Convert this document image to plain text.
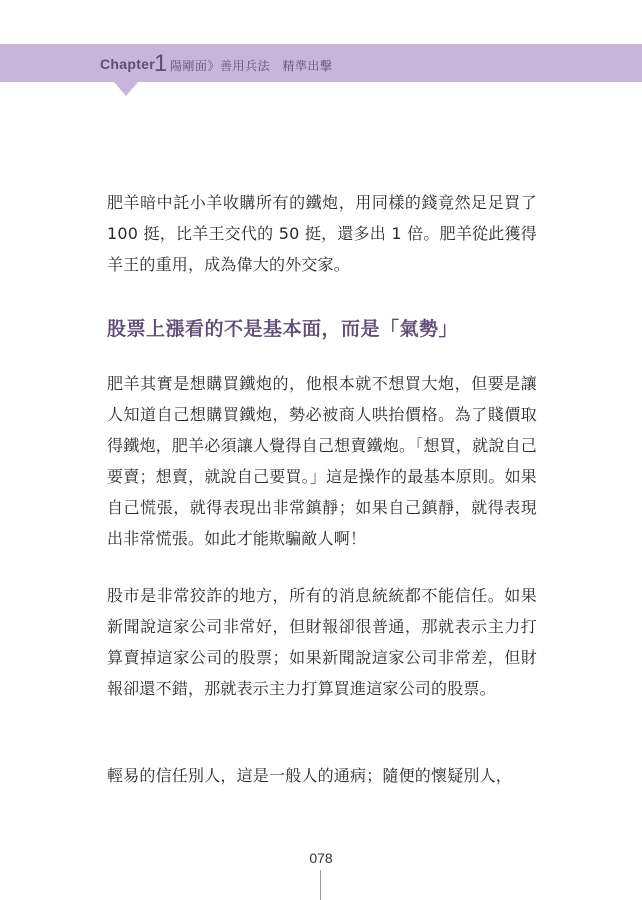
Chapter 1 陽剛面》善用兵法　精準出擊

肥羊暗中託小羊收購所有的鐵炮，用同樣的錢竟然足足買了 100 挺，比羊王交代的 50 挺，還多出 1 倍。肥羊從此獲得羊王的重用，成為偉大的外交家。

股票上漲看的不是基本面，而是「氣勢」

肥羊其實是想購買鐵炮的，他根本就不想買大炮，但要是讓人知道自己想購買鐵炮，勢必被商人哄抬價格。為了賤價取得鐵炮，肥羊必須讓人覺得自己想賣鐵炮。「想買，就說自己要賣；想賣，就說自己要買。」這是操作的最基本原則。如果自己慌張，就得表現出非常鎮靜；如果自己鎮靜，就得表現出非常慌張。如此才能欺騙敵人啊！

股市是非常狡詐的地方，所有的消息統統都不能信任。如果新聞說這家公司非常好，但財報卻很普通，那就表示主力打算賣掉這家公司的股票；如果新聞說這家公司非常差，但財報卻還不錯，那就表示主力打算買進這家公司的股票。

輕易的信任別人，這是一般人的通病；隨便的懷疑別人，

078
